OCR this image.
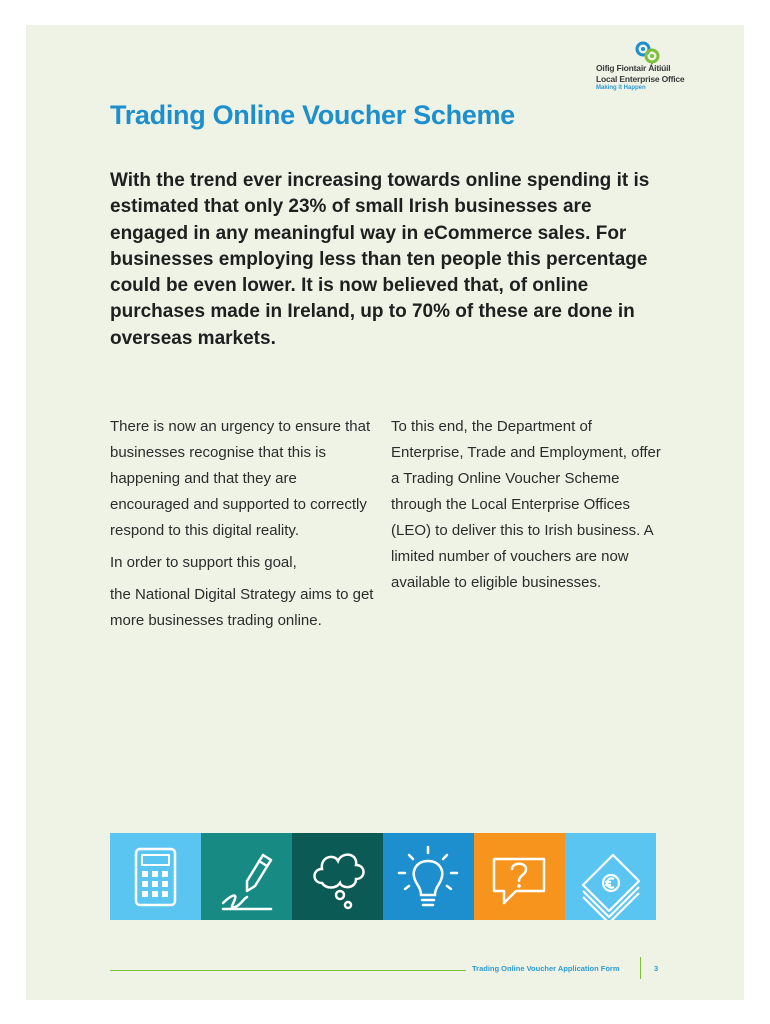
Oifig Fiontair Áitiúil
Local Enterprise Office
Making it Happen
Trading Online Voucher Scheme

With the trend ever increasing towards online spending it is estimated that only 23% of small Irish businesses are engaged in any meaningful way in eCommerce sales. For businesses employing less than ten people this percentage could be even lower. It is now believed that, of online purchases made in Ireland, up to 70% of these are done in overseas markets.

There is now an urgency to ensure that businesses recognise that this is happening and that they are encouraged and supported to correctly respond to this digital reality.

In order to support this goal,

the National Digital Strategy aims to get more businesses trading online.

To this end, the Department of Enterprise, Trade and Employment, offer a Trading Online Voucher Scheme through the Local Enterprise Offices (LEO) to deliver this to Irish business. A limited number of vouchers are now available to eligible businesses.

Trading Online Voucher Application Form	3
